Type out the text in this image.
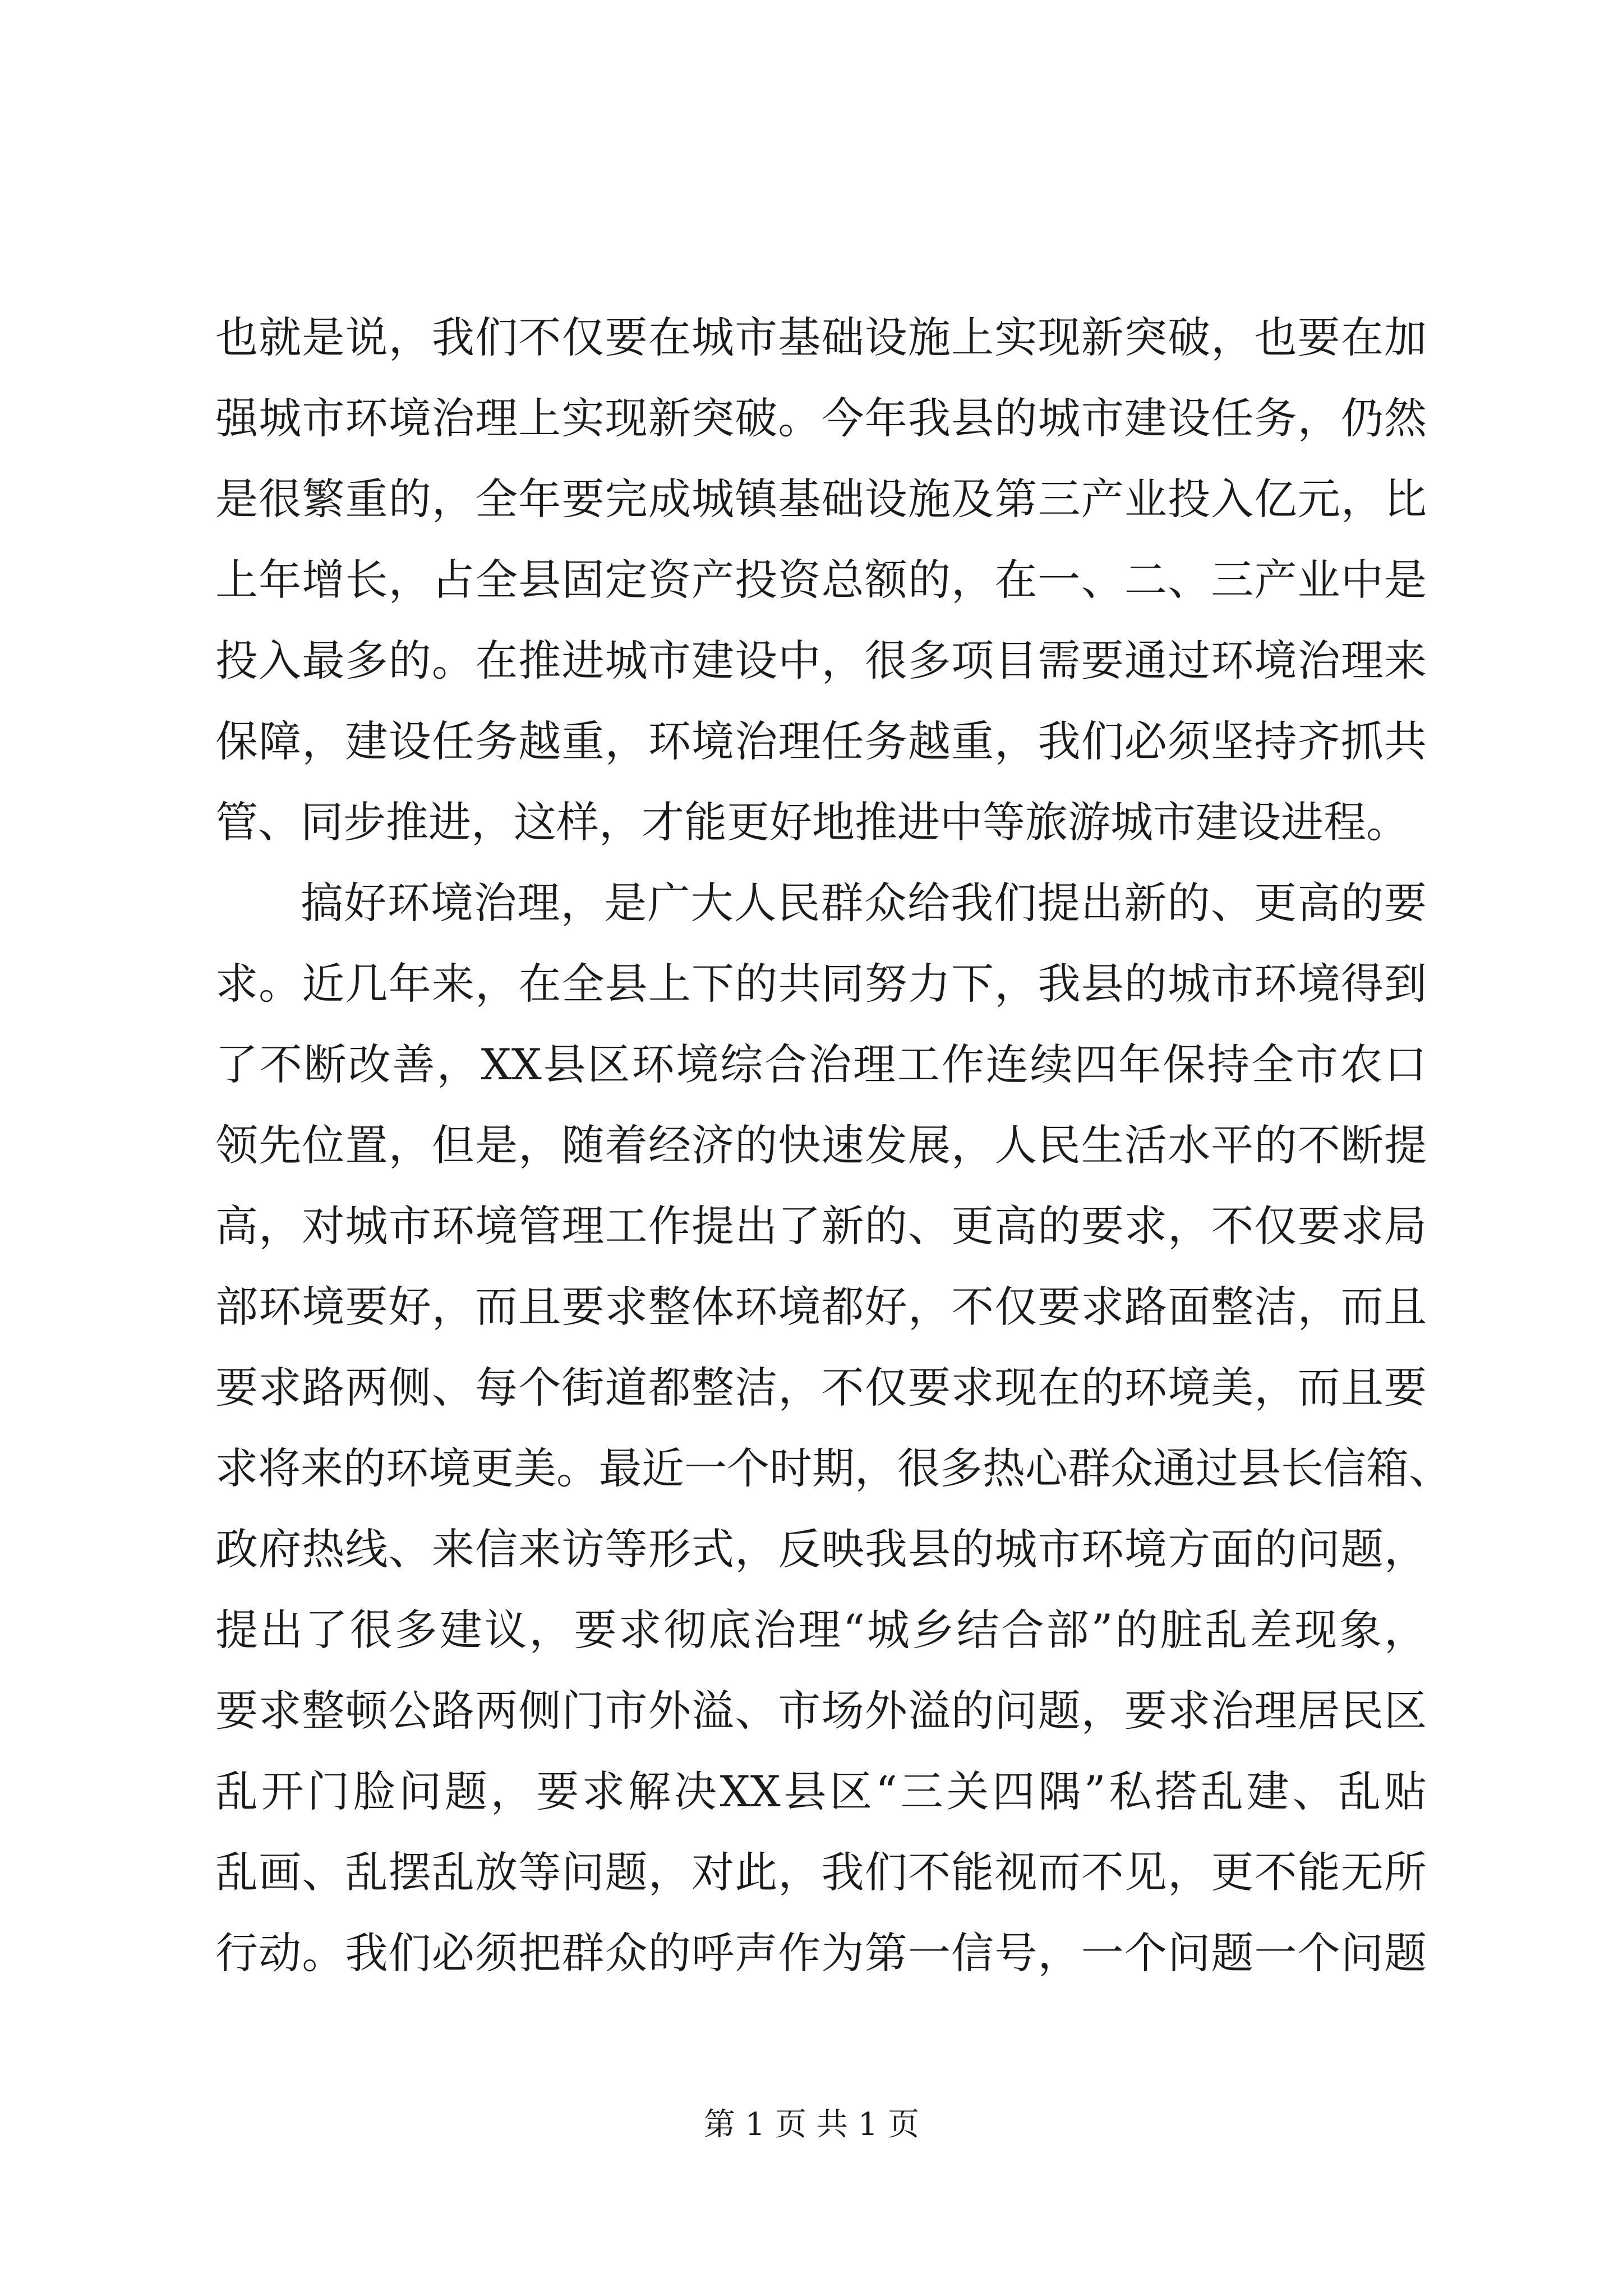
也就是说，我们不仅要在城市基础设施上实现新突破，也要在加
强城市环境治理上实现新突破。今年我县的城市建设任务，仍然
是很繁重的，全年要完成城镇基础设施及第三产业投入亿元，比
上年增长，占全县固定资产投资总额的，在一、二、三产业中是
投入最多的。在推进城市建设中，很多项目需要通过环境治理来
保障，建设任务越重，环境治理任务越重，我们必须坚持齐抓共
管、同步推进，这样，才能更好地推进中等旅游城市建设进程。
搞好环境治理，是广大人民群众给我们提出新的、更高的要
求。近几年来，在全县上下的共同努力下，我县的城市环境得到
了不断改善，XX县区环境综合治理工作连续四年保持全市农口
领先位置，但是，随着经济的快速发展，人民生活水平的不断提
高，对城市环境管理工作提出了新的、更高的要求，不仅要求局
部环境要好，而且要求整体环境都好，不仅要求路面整洁，而且
要求路两侧、每个街道都整洁，不仅要求现在的环境美，而且要
求将来的环境更美。最近一个时期，很多热心群众通过县长信箱、
政府热线、来信来访等形式，反映我县的城市环境方面的问题，
提出了很多建议，要求彻底治理“城乡结合部”的脏乱差现象，
要求整顿公路两侧门市外溢、市场外溢的问题，要求治理居民区
乱开门脸问题，要求解决XX县区“三关四隅”私搭乱建、乱贴
乱画、乱摆乱放等问题，对此，我们不能视而不见，更不能无所
行动。我们必须把群众的呼声作为第一信号，一个问题一个问题
第 1 页 共 1 页
